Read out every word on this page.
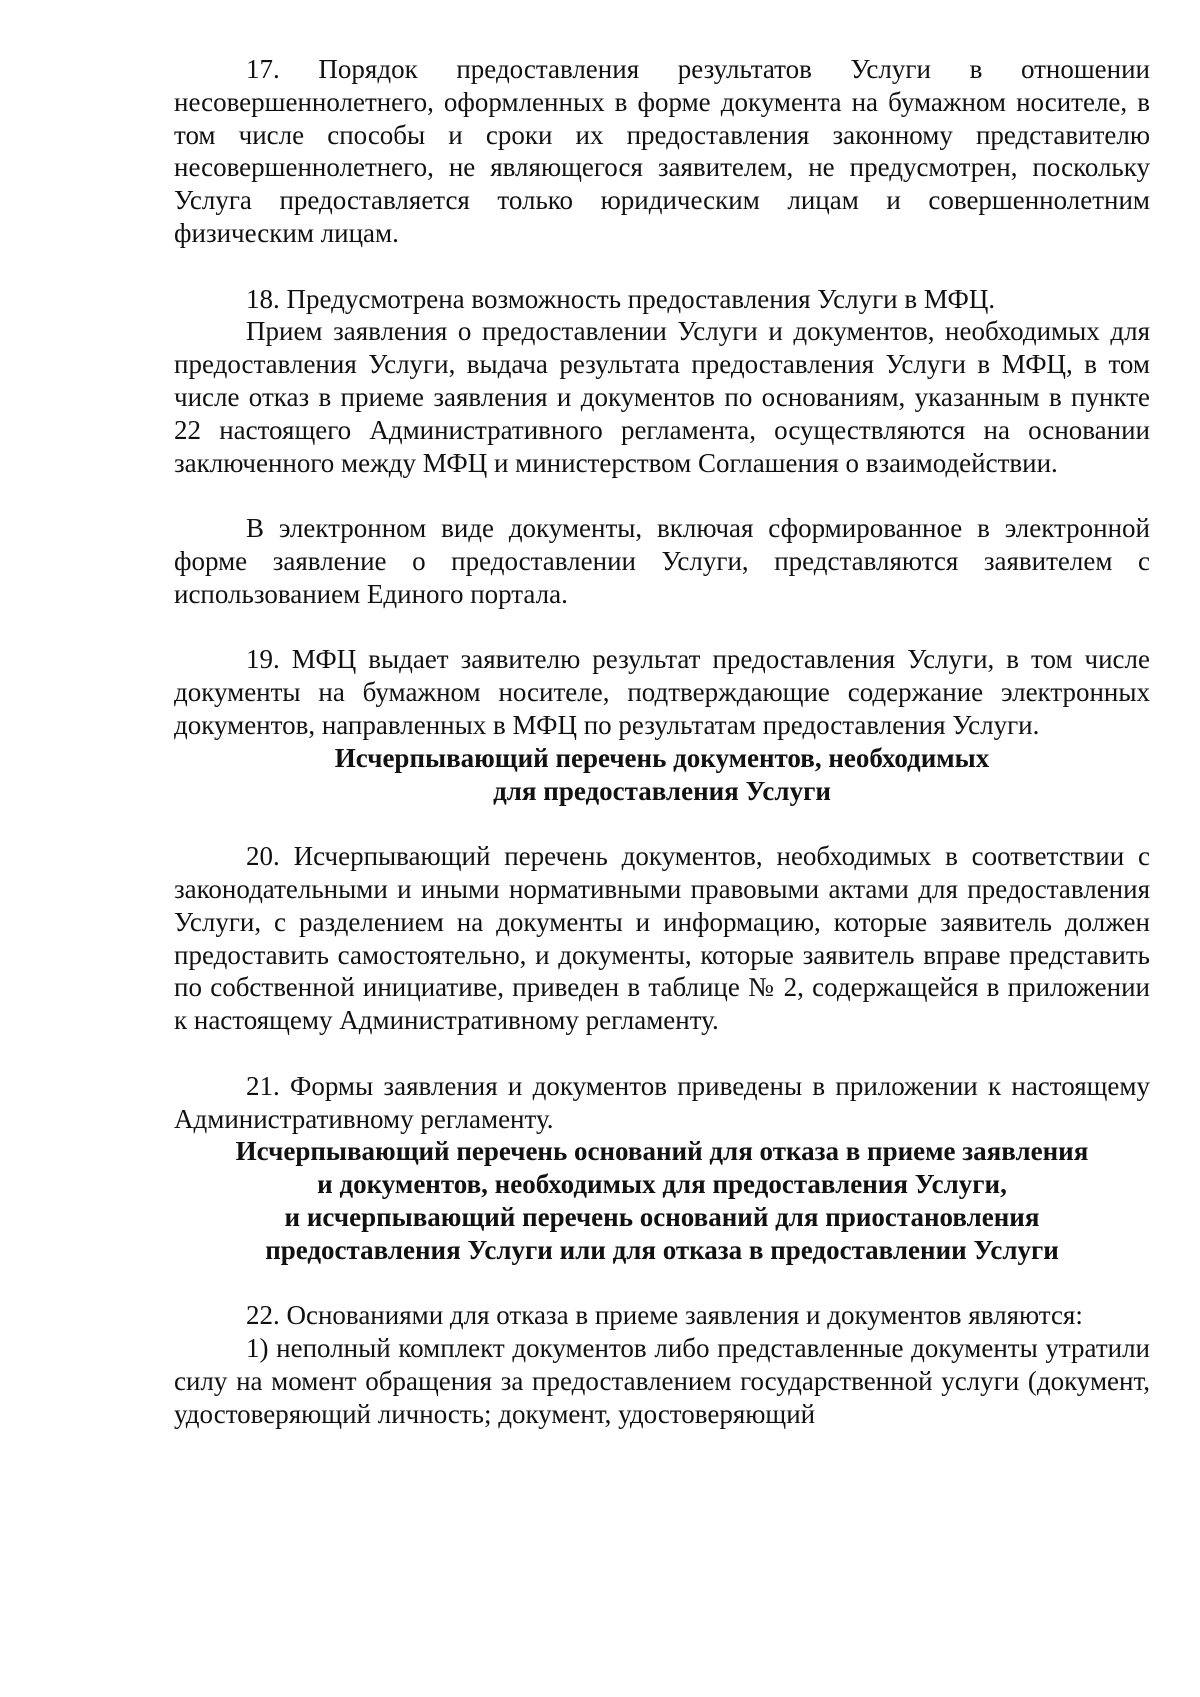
17. Порядок предоставления результатов Услуги в отношении несовершеннолетнего, оформленных в форме документа на бумажном носителе, в том числе способы и сроки их предоставления законному представителю несовершеннолетнего, не являющегося заявителем, не предусмотрен, поскольку Услуга предоставляется только юридическим лицам и совершеннолетним физическим лицам.

18. Предусмотрена возможность предоставления Услуги в МФЦ.

Прием заявления о предоставлении Услуги и документов, необходимых для предоставления Услуги, выдача результата предоставления Услуги в МФЦ, в том числе отказ в приеме заявления и документов по основаниям, указанным в пункте 22 настоящего Административного регламента, осуществляются на основании заключенного между МФЦ и министерством Соглашения о взаимодействии.

В электронном виде документы, включая сформированное в электронной форме заявление о предоставлении Услуги, представляются заявителем с использованием Единого портала.

19. МФЦ выдает заявителю результат предоставления Услуги, в том числе документы на бумажном носителе, подтверждающие содержание электронных документов, направленных в МФЦ по результатам предоставления Услуги.

Исчерпывающий перечень документов, необходимых
для предоставления Услуги

20. Исчерпывающий перечень документов, необходимых в соответствии с законодательными и иными нормативными правовыми актами для предоставления Услуги, с разделением на документы и информацию, которые заявитель должен предоставить самостоятельно, и документы, которые заявитель вправе представить по собственной инициативе, приведен в таблице № 2, содержащейся в приложении к настоящему Административному регламенту.

21. Формы заявления и документов приведены в приложении к настоящему Административному регламенту.

Исчерпывающий перечень оснований для отказа в приеме заявления
и документов, необходимых для предоставления Услуги,
и исчерпывающий перечень оснований для приостановления
предоставления Услуги или для отказа в предоставлении Услуги

22. Основаниями для отказа в приеме заявления и документов являются:

1) неполный комплект документов либо представленные документы утратили силу на момент обращения за предоставлением государственной услуги (документ, удостоверяющий личность; документ, удостоверяющий
